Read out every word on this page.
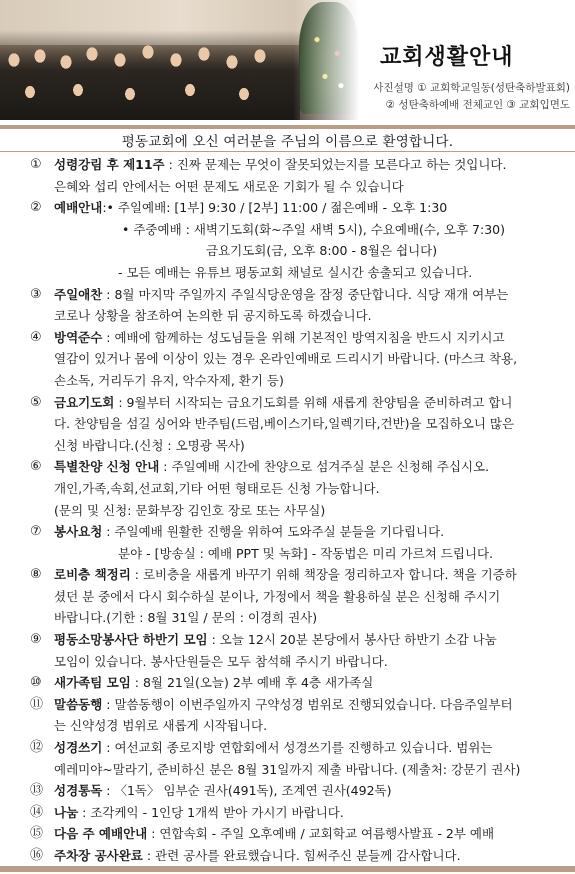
교회생활안내
사진설명 ① 교회학교일동(성탄축하발표회)
② 성탄축하예배 전체교인 ③ 교회입면도
평동교회에 오신 여러분을 주님의 이름으로 환영합니다.
① 성령강림 후 제11주 : 진짜 문제는 무엇이 잘못되었는지를 모른다고 하는 것입니다.
은혜와 섭리 안에서는 어떤 문제도 새로운 기회가 될 수 있습니다
② 예배안내 : • 주일예배 : [1부] 9:30 / [2부] 11:00 / 젊은예배 - 오후 1:30
• 주중예배 : 새벽기도회(화~주일 새벽 5시), 수요예배(수, 오후 7:30)
금요기도회(금, 오후 8:00 - 8월은 쉽니다)
- 모든 예배는 유튜브 평동교회 채널로 실시간 송출되고 있습니다.
③ 주일애찬 : 8월 마지막 주일까지 주일식당운영을 잠정 중단합니다. 식당 재개 여부는
코로나 상황을 참조하여 논의한 뒤 공지하도록 하겠습니다.
④ 방역준수 : 예배에 함께하는 성도님들을 위해 기본적인 방역지침을 반드시 지키시고
열감이 있거나 몸에 이상이 있는 경우 온라인예배로 드리시기 바랍니다. (마스크 착용,
손소독, 거리두기 유지, 악수자제, 환기 등)
⑤ 금요기도회 : 9월부터 시작되는 금요기도회를 위해 새롭게 찬양팀을 준비하려고 합니
다. 찬양팀을 섬길 싱어와 반주팀(드럼,베이스기타,일렉기타,건반)을 모집하오니 많은
신청 바랍니다.(신청 : 오명광 목사)
⑥ 특별찬양 신청 안내 : 주일예배 시간에 찬양으로 섬겨주실 분은 신청해 주십시오.
개인,가족,속회,선교회,기타 어떤 형태로든 신청 가능합니다.
(문의 및 신청: 문화부장 김인호 장로 또는 사무실)
⑦ 봉사요청 : 주일예배 원활한 진행을 위하여 도와주실 분들을 기다립니다.
분야 - [방송실 : 예배 PPT 및 녹화] - 작동법은 미리 가르쳐 드립니다.
⑧ 로비층 책정리 : 로비층을 새롭게 바꾸기 위해 책장을 정리하고자 합니다. 책을 기증하
셨던 분 중에서 다시 회수하실 분이나, 가정에서 책을 활용하실 분은 신청해 주시기
바랍니다.(기한 : 8월 31일 / 문의 : 이경희 권사)
⑨ 평동소망봉사단 하반기 모임 : 오늘 12시 20분 본당에서 봉사단 하반기 소감 나눔
모임이 있습니다. 봉사단원들은 모두 참석해 주시기 바랍니다.
⑩ 새가족팀 모임 : 8월 21일(오늘) 2부 예배 후 4층 새가족실
⑪ 말씀동행 : 말씀동행이 이번주일까지 구약성경 범위로 진행되었습니다. 다음주일부터
는 신약성경 범위로 새롭게 시작됩니다.
⑫ 성경쓰기 : 여선교회 종로지방 연합회에서 성경쓰기를 진행하고 있습니다. 범위는
예레미야~말라기, 준비하신 분은 8월 31일까지 제출 바랍니다. (제출처: 강문기 권사)
⑬ 성경통독 : 〈1독〉 임부순 권사(491독), 조계연 권사(492독)
⑭ 나눔 : 조각케익 - 1인당 1개씩 받아 가시기 바랍니다.
⑮ 다음 주 예배안내 : 연합속회 - 주일 오후예배 / 교회학교 여름행사발표 - 2부 예배
⑯ 주차장 공사완료 : 관련 공사를 완료했습니다. 힘써주신 분들께 감사합니다.
